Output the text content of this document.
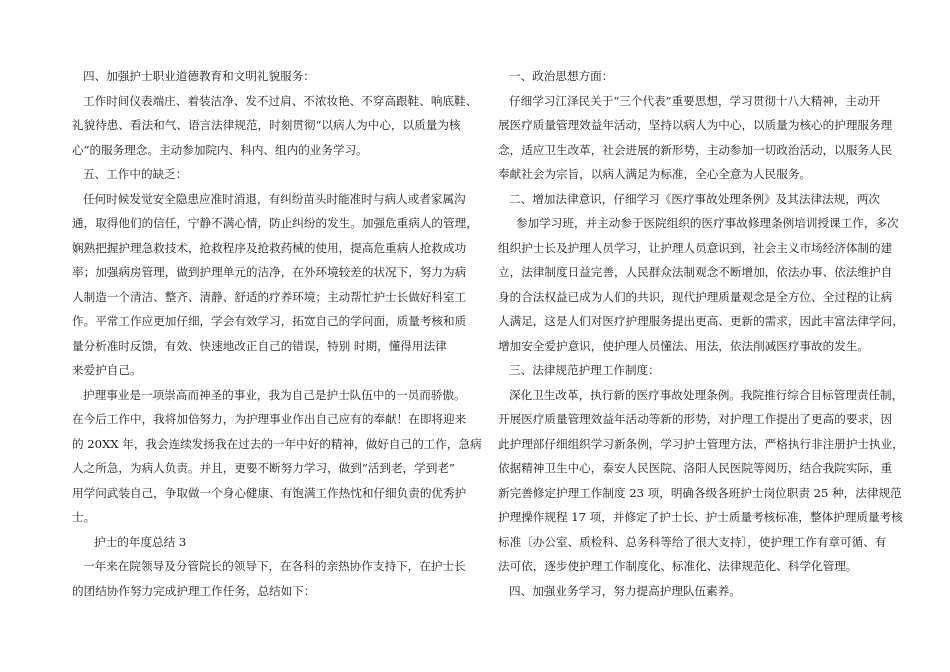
四、加强护士职业道德教育和文明礼貌服务：
工作时间仪表端庄、着装洁净、发不过肩、不浓妆艳、不穿高跟鞋、响底鞋、
礼貌待患、看法和气、语言法律规范，时刻贯彻“以病人为中心，以质量为核
心”的服务理念。主动参加院内、科内、组内的业务学习。
五、工作中的缺乏：
任何时候发觉安全隐患应准时消退，有纠纷苗头时能准时与病人或者家属沟
通，取得他们的信任，宁静不满心情，防止纠纷的发生。加强危重病人的管理，
娴熟把握护理急救技术，抢救程序及抢救药械的使用，提高危重病人抢救成功
率；加强病房管理，做到护理单元的洁净，在外环境较差的状况下，努力为病
人制造一个清洁、整齐、清静、舒适的疗养环境；主动帮忙护士长做好科室工
作。平常工作应更加仔细，学会有效学习，拓宽自己的学问面，质量考核和质
量分析准时反馈，有效、快速地改正自己的错误，特别 时期，懂得用法律
来爱护自己。
护理事业是一项崇高而神圣的事业，我为自己是护士队伍中的一员而骄傲。
在今后工作中，我将加倍努力，为护理事业作出自己应有的奉献！在即将迎来
的 20XX 年，我会连续发扬我在过去的一年中好的精神，做好自己的工作，急病
人之所急，为病人负责。并且，更要不断努力学习，做到“活到老，学到老”
用学问武装自己，争取做一个身心健康、有饱满工作热忱和仔细负责的优秀护
士。
护士的年度总结 3
一年来在院领导及分管院长的领导下，在各科的亲热协作支持下，在护士长
的团结协作努力完成护理工作任务，总结如下：
一、政治思想方面：
仔细学习江泽民关于“三个代表”重要思想，学习贯彻十八大精神，主动开
展医疗质量管理效益年活动，坚持以病人为中心，以质量为核心的护理服务理
念，适应卫生改革，社会进展的新形势，主动参加一切政治活动，以服务人民
奉献社会为宗旨，以病人满足为标准，全心全意为人民服务。
二、增加法律意识，仔细学习《医疗事故处理条例》及其法律法规，两次
参加学习班，并主动参于医院组织的医疗事故修理条例培训授课工作，多次
组织护士长及护理人员学习，让护理人员意识到，社会主义市场经济体制的建
立，法律制度日益完善，人民群众法制观念不断增加，依法办事、依法维护自
身的合法权益已成为人们的共识，现代护理质量观念是全方位、全过程的让病
人满足，这是人们对医疗护理服务提出更高、更新的需求，因此丰富法律学问，
增加安全爱护意识，使护理人员懂法、用法，依法削减医疗事故的发生。
三、法律规范护理工作制度：
深化卫生改革，执行新的医疗事故处理条例。我院推行综合目标管理责任制，
开展医疗质量管理效益年活动等新的形势，对护理工作提出了更高的要求，因
此护理部仔细组织学习新条例，学习护士管理方法，严格执行非注册护士执业，
依据精神卫生中心，泰安人民医院、洛阳人民医院等阅历，结合我院实际，重
新完善修定护理工作制度 23 项，明确各级各班护士岗位职责 25 种，法律规范
护理操作规程 17 项，并修定了护士长、护士质量考核标准，整体护理质量考核
标准〔办公室、质检科、总务科等给了很大支持〕，使护理工作有章可循、有
法可依，逐步使护理工作制度化、标准化、法律规范化、科学化管理。
四、加强业务学习，努力提高护理队伍素养。
